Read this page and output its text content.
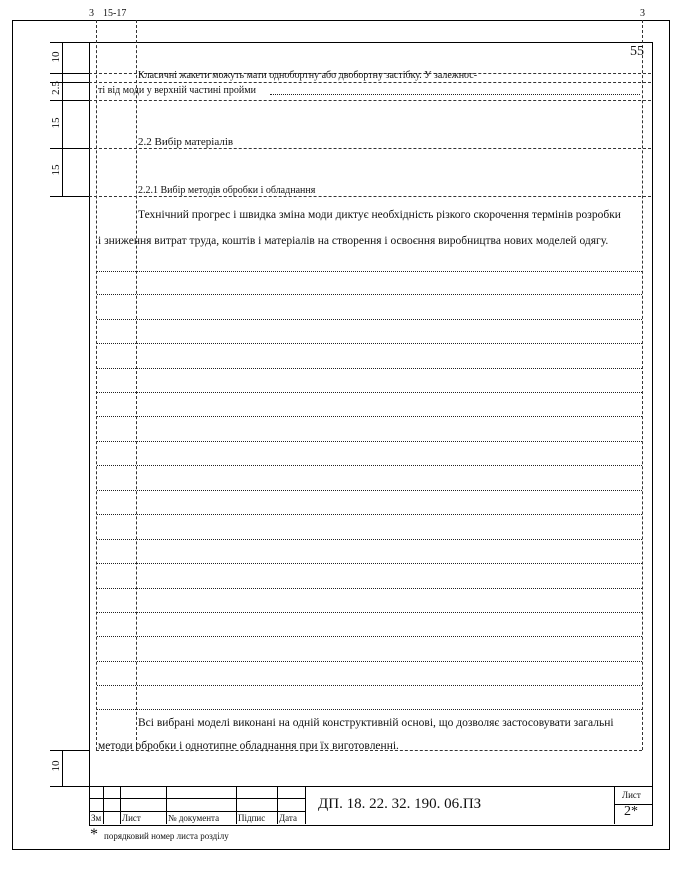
3 15-17	3
10
2.5
15
15
10
55
Класичні жакети можуть мати однобортну або двобортну застібку. У залежнос-
ті від моди у верхній частині пройми
2.2 Вибір матеріалів
2.2.1 Вибір методів обробки і обладнання
Технічний прогрес і швидка зміна моди диктує необхідність різкого скорочення термінів розробки
і зниження витрат труда, коштів і матеріалів на створення і освоєння виробництва нових моделей одягу.
Всі вибрані моделі виконані на одній конструктивній основі, що дозволяє застосовувати загальні
методи обробки і однотипне обладнання при їх виготовленні.
Зм Лист	№ документа Підпис Дата
ДП. 18. 22. 32. 190. 06.ПЗ
Лист
2*
* порядковий номер листа розділу
